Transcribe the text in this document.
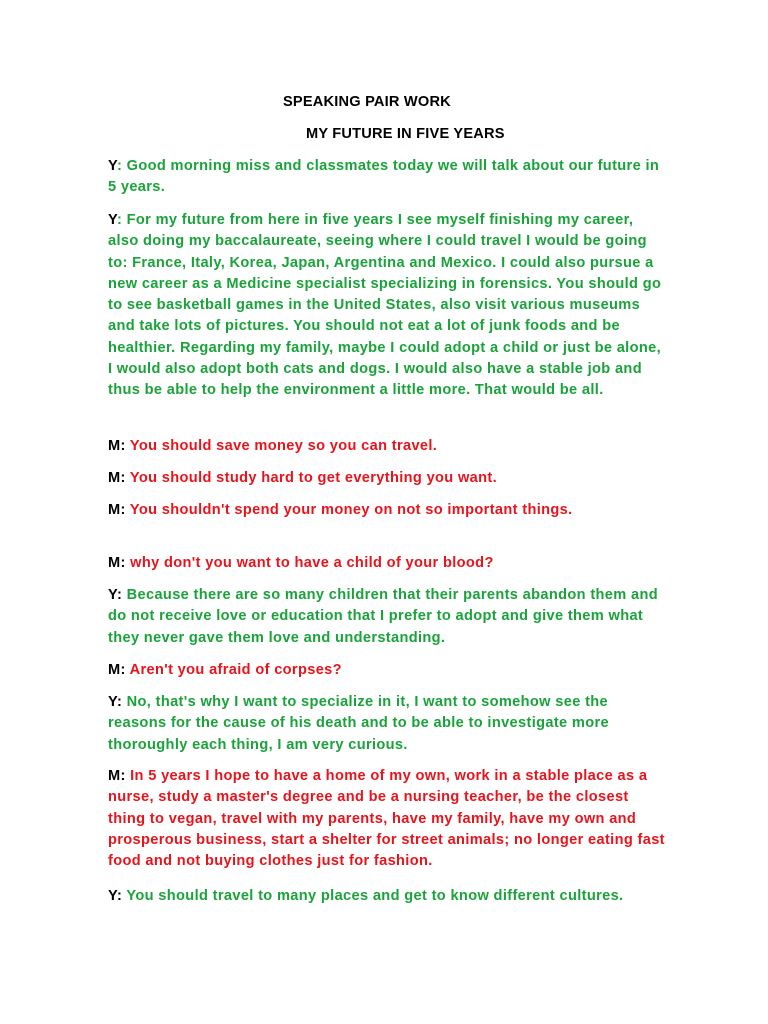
SPEAKING PAIR WORK

MY FUTURE IN FIVE YEARS

Y: Good morning miss and classmates today we will talk about our future in 5 years.

Y: For my future from here in five years I see myself finishing my career, also doing my baccalaureate, seeing where I could travel I would be going to: France, Italy, Korea, Japan, Argentina and Mexico. I could also pursue a new career as a Medicine specialist specializing in forensics. You should go to see basketball games in the United States, also visit various museums and take lots of pictures. You should not eat a lot of junk foods and be healthier. Regarding my family, maybe I could adopt a child or just be alone, I would also adopt both cats and dogs. I would also have a stable job and thus be able to help the environment a little more. That would be all.

M: You should save money so you can travel.

M: You should study hard to get everything you want.

M: You shouldn't spend your money on not so important things.

M: why don't you want to have a child of your blood?

Y: Because there are so many children that their parents abandon them and do not receive love or education that I prefer to adopt and give them what they never gave them love and understanding.

M: Aren't you afraid of corpses?

Y: No, that's why I want to specialize in it, I want to somehow see the reasons for the cause of his death and to be able to investigate more thoroughly each thing, I am very curious.

M: In 5 years I hope to have a home of my own, work in a stable place as a nurse, study a master's degree and be a nursing teacher, be the closest thing to vegan, travel with my parents, have my family, have my own and prosperous business, start a shelter for street animals; no longer eating fast food and not buying clothes just for fashion.

Y: You should travel to many places and get to know different cultures.
